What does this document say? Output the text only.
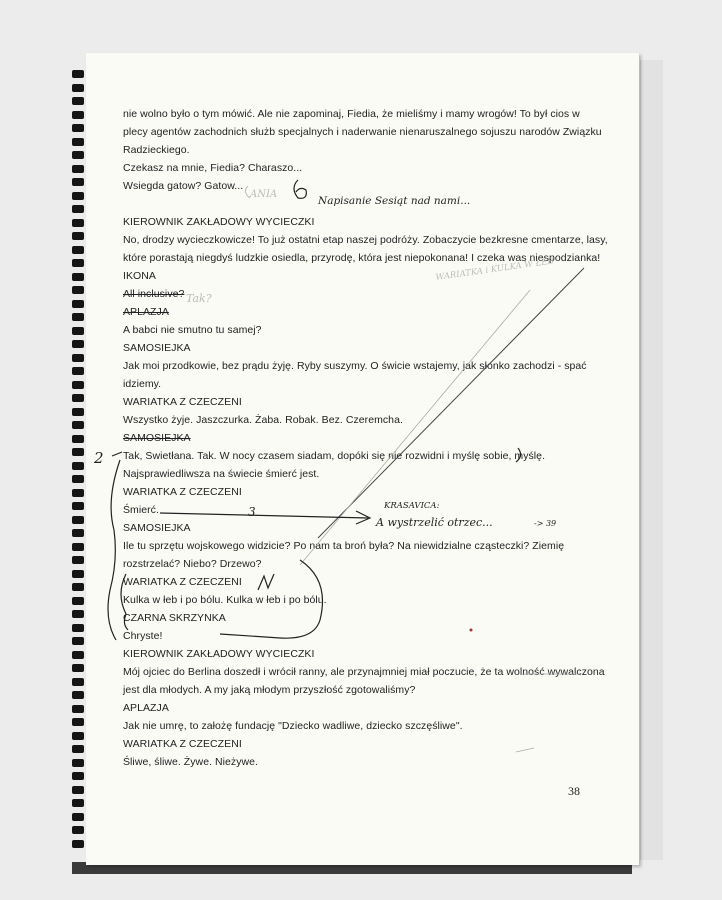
nie wolno było o tym mówić. Ale nie zapominaj, Fiedia, że mieliśmy i mamy wrogów! To był cios w
plecy agentów zachodnich służb specjalnych i naderwanie nienaruszalnego sojuszu narodów Związku
Radzieckiego.
Czekasz na mnie, Fiedia? Charaszo...
Wsiegda gatow? Gatow...
KIEROWNIK ZAKŁADOWY WYCIECZKI
No, drodzy wycieczkowicze! To już ostatni etap naszej podróży. Zobaczycie bezkresne cmentarze, lasy,
które porastają niegdyś ludzkie osiedla, przyrodę, która jest niepokonana! I czeka was niespodzianka!
IKONA
All inclusive?
APLAZJA
A babci nie smutno tu samej?
SAMOSIEJKA
Jak moi przodkowie, bez prądu żyję. Ryby suszymy. O świcie wstajemy, jak słonko zachodzi - spać
idziemy.
WARIATKA Z CZECZENI
Wszystko żyje. Jaszczurka. Żaba. Robak. Bez. Czeremcha.
SAMOSIEJKA
Tak, Swietłana. Tak. W nocy czasem siadam, dopóki się nie rozwidni i myślę sobie, myślę.
Najsprawiedliwsza na świecie śmierć jest.
WARIATKA Z CZECZENI
Śmierć.
SAMOSIEJKA
Ile tu sprzętu wojskowego widzicie? Po nam ta broń była? Na niewidzialne cząsteczki? Ziemię
rozstrzelać? Niebo? Drzewo?
WARIATKA Z CZECZENI
Kulka w łeb i po bólu. Kulka w łeb i po bólu.
CZARNA SKRZYNKA
Chryste!
KIEROWNIK ZAKŁADOWY WYCIECZKI
Mój ojciec do Berlina doszedł i wrócił ranny, ale przynajmniej miał poczucie, że ta wolność wywalczona
jest dla młodych. A my jaką młodym przyszłość zgotowaliśmy?
APLAZJA
Jak nie umrę, to założę fundację "Dziecko wadliwe, dziecko szczęśliwe".
WARIATKA Z CZECZENI
Śliwe, śliwe. Żywe. Nieżywe.
38
ANIA
Napisanie Sesiąt nad nami...
WARIATKA i KULKA W ŁEB
Tak?
2
3	KRASAVICA:
A wystrzelić otrzec...	-> 39
